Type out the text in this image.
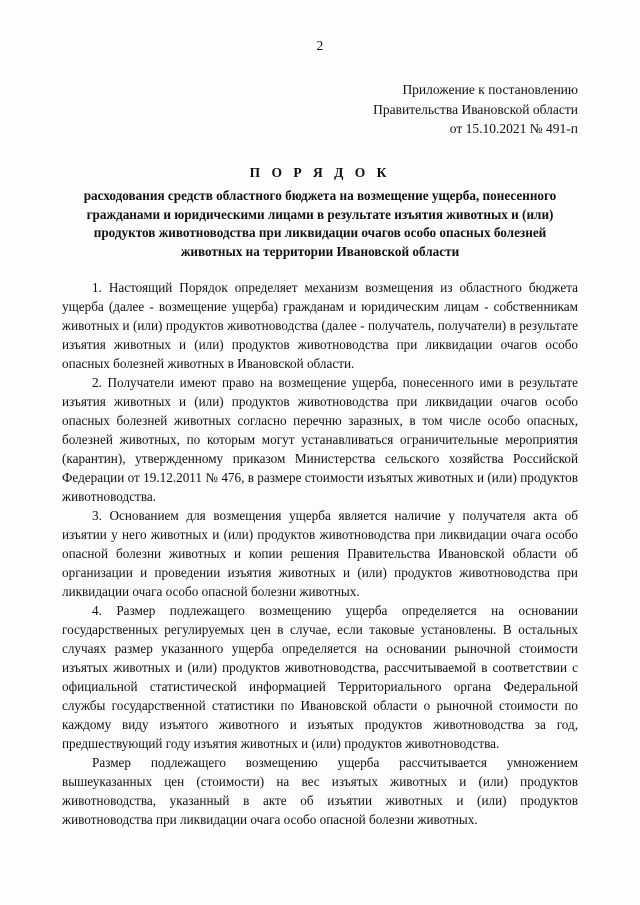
2
Приложение к постановлению
Правительства Ивановской области
от 15.10.2021 № 491-п
П О Р Я Д О К
расходования средств областного бюджета на возмещение ущерба, понесенного гражданами и юридическими лицами в результате изъятия животных и (или) продуктов животноводства при ликвидации очагов особо опасных болезней животных на территории Ивановской области

1. Настоящий Порядок определяет механизм возмещения из областного бюджета ущерба (далее - возмещение ущерба) гражданам и юридическим лицам - собственникам животных и (или) продуктов животноводства (далее - получатель, получатели) в результате изъятия животных и (или) продуктов животноводства при ликвидации очагов особо опасных болезней животных в Ивановской области.

2. Получатели имеют право на возмещение ущерба, понесенного ими в результате изъятия животных и (или) продуктов животноводства при ликвидации очагов особо опасных болезней животных согласно перечню заразных, в том числе особо опасных, болезней животных, по которым могут устанавливаться ограничительные мероприятия (карантин), утвержденному приказом Министерства сельского хозяйства Российской Федерации от 19.12.2011 № 476, в размере стоимости изъятых животных и (или) продуктов животноводства.

3. Основанием для возмещения ущерба является наличие у получателя акта об изъятии у него животных и (или) продуктов животноводства при ликвидации очага особо опасной болезни животных и копии решения Правительства Ивановской области об организации и проведении изъятия животных и (или) продуктов животноводства при ликвидации очага особо опасной болезни животных.

4. Размер подлежащего возмещению ущерба определяется на основании государственных регулируемых цен в случае, если таковые установлены. В остальных случаях размер указанного ущерба определяется на основании рыночной стоимости изъятых животных и (или) продуктов животноводства, рассчитываемой в соответствии с официальной статистической информацией Территориального органа Федеральной службы государственной статистики по Ивановской области о рыночной стоимости по каждому виду изъятого животного и изъятых продуктов животноводства за год, предшествующий году изъятия животных и (или) продуктов животноводства.

Размер подлежащего возмещению ущерба рассчитывается умножением вышеуказанных цен (стоимости) на вес изъятых животных и (или) продуктов животноводства, указанный в акте об изъятии животных и (или) продуктов животноводства при ликвидации очага особо опасной болезни животных.
